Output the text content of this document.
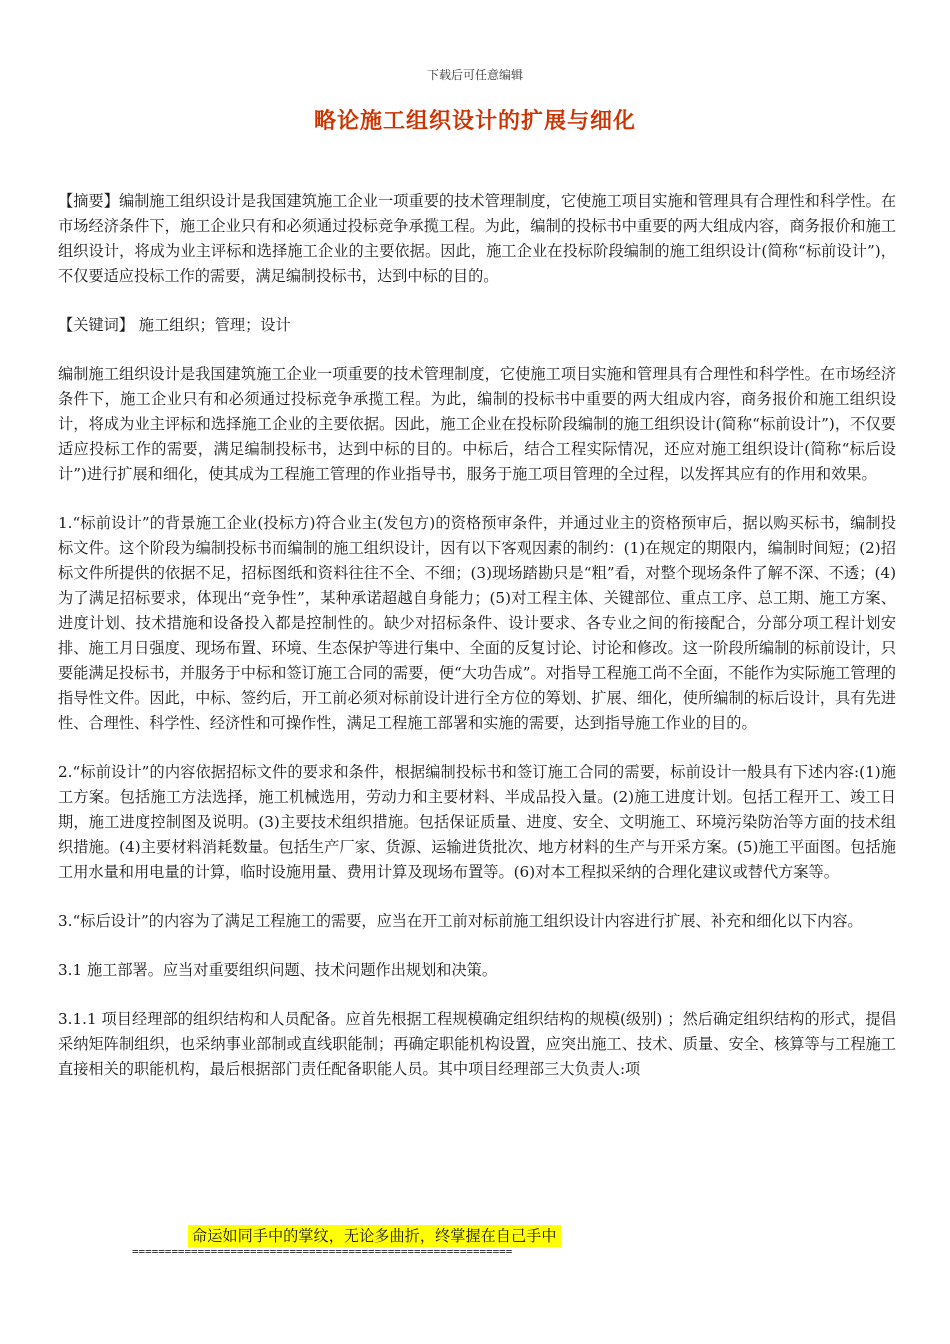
下载后可任意编辑
略论施工组织设计的扩展与细化

【摘要】编制施工组织设计是我国建筑施工企业一项重要的技术管理制度，它使施工项目实施和管理具有合理性和科学性。在市场经济条件下，施工企业只有和必须通过投标竞争承揽工程。为此，编制的投标书中重要的两大组成内容，商务报价和施工组织设计，将成为业主评标和选择施工企业的主要依据。因此，施工企业在投标阶段编制的施工组织设计(简称“标前设计”)，不仅要适应投标工作的需要，满足编制投标书，达到中标的目的。

【关键词】 施工组织；管理；设计

编制施工组织设计是我国建筑施工企业一项重要的技术管理制度，它使施工项目实施和管理具有合理性和科学性。在市场经济条件下，施工企业只有和必须通过投标竞争承揽工程。为此，编制的投标书中重要的两大组成内容，商务报价和施工组织设计，将成为业主评标和选择施工企业的主要依据。因此，施工企业在投标阶段编制的施工组织设计(简称“标前设计”)，不仅要适应投标工作的需要，满足编制投标书，达到中标的目的。中标后，结合工程实际情况，还应对施工组织设计(简称“标后设计”)进行扩展和细化，使其成为工程施工管理的作业指导书，服务于施工项目管理的全过程，以发挥其应有的作用和效果。

1.“标前设计”的背景施工企业(投标方)符合业主(发包方)的资格预审条件，并通过业主的资格预审后，据以购买标书，编制投标文件。这个阶段为编制投标书而编制的施工组织设计，因有以下客观因素的制约：(1)在规定的期限内，编制时间短；(2)招标文件所提供的依据不足，招标图纸和资料往往不全、不细；(3)现场踏勘只是“粗”看，对整个现场条件了解不深、不透；(4)为了满足招标要求，体现出“竞争性”，某种承诺超越自身能力；(5)对工程主体、关键部位、重点工序、总工期、施工方案、进度计划、技术措施和设备投入都是控制性的。缺少对招标条件、设计要求、各专业之间的衔接配合，分部分项工程计划安排、施工月日强度、现场布置、环境、生态保护等进行集中、全面的反复讨论、讨论和修改。这一阶段所编制的标前设计，只要能满足投标书，并服务于中标和签订施工合同的需要，便“大功告成”。对指导工程施工尚不全面，不能作为实际施工管理的指导性文件。因此，中标、签约后，开工前必须对标前设计进行全方位的筹划、扩展、细化，使所编制的标后设计，具有先进性、合理性、科学性、经济性和可操作性，满足工程施工部署和实施的需要，达到指导施工作业的目的。

2.“标前设计”的内容依据招标文件的要求和条件，根据编制投标书和签订施工合同的需要，标前设计一般具有下述内容:(1)施工方案。包括施工方法选择，施工机械选用，劳动力和主要材料、半成品投入量。(2)施工进度计划。包括工程开工、竣工日期，施工进度控制图及说明。(3)主要技术组织措施。包括保证质量、进度、安全、文明施工、环境污染防治等方面的技术组织措施。(4)主要材料消耗数量。包括生产厂家、货源、运输进货批次、地方材料的生产与开采方案。(5)施工平面图。包括施工用水量和用电量的计算，临时设施用量、费用计算及现场布置等。(6)对本工程拟采纳的合理化建议或替代方案等。

3.“标后设计”的内容为了满足工程施工的需要，应当在开工前对标前施工组织设计内容进行扩展、补充和细化以下内容。

3.1 施工部署。应当对重要组织问题、技术问题作出规划和决策。

3.1.1 项目经理部的组织结构和人员配备。应首先根据工程规模确定组织结构的规模(级别) ；然后确定组织结构的形式，提倡采纳矩阵制组织，也采纳事业部制或直线职能制；再确定职能机构设置，应突出施工、技术、质量、安全、核算等与工程施工直接相关的职能机构，最后根据部门责任配备职能人员。其中项目经理部三大负责人:项

命运如同手中的掌纹，无论多曲折，终掌握在自己手中
==========================================================
